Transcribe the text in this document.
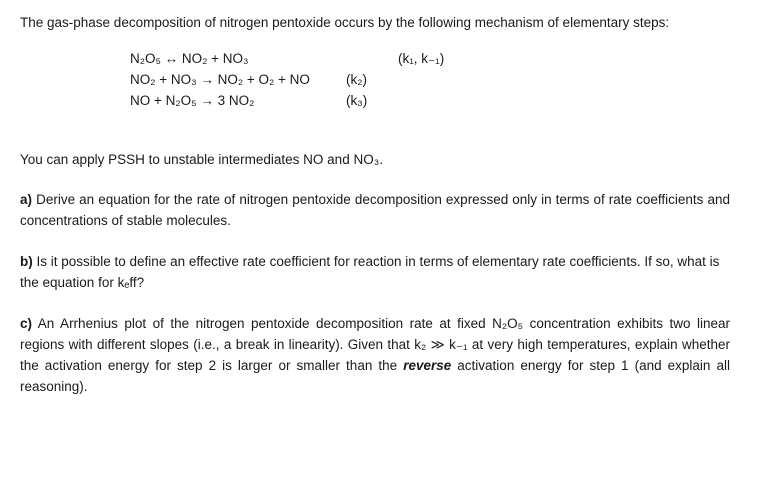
The gas-phase decomposition of nitrogen pentoxide occurs by the following mechanism of elementary steps:

N₂O₅ ↔ NO₂ + NO₃	(k₁, k₋₁)
NO₂ + NO₃ → NO₂ + O₂ + NO	(k₂)
NO + N₂O₅ → 3 NO₂	(k₃)

You can apply PSSH to unstable intermediates NO and NO₃.

a) Derive an equation for the rate of nitrogen pentoxide decomposition expressed only in terms of rate coefficients and concentrations of stable molecules.

b) Is it possible to define an effective rate coefficient for reaction in terms of elementary rate coefficients. If so, what is the equation for kₑff?

c) An Arrhenius plot of the nitrogen pentoxide decomposition rate at fixed N₂O₅ concentration exhibits two linear regions with different slopes (i.e., a break in linearity). Given that k₂ ≫ k₋₁ at very high temperatures, explain whether the activation energy for step 2 is larger or smaller than the reverse activation energy for step 1 (and explain all reasoning).
